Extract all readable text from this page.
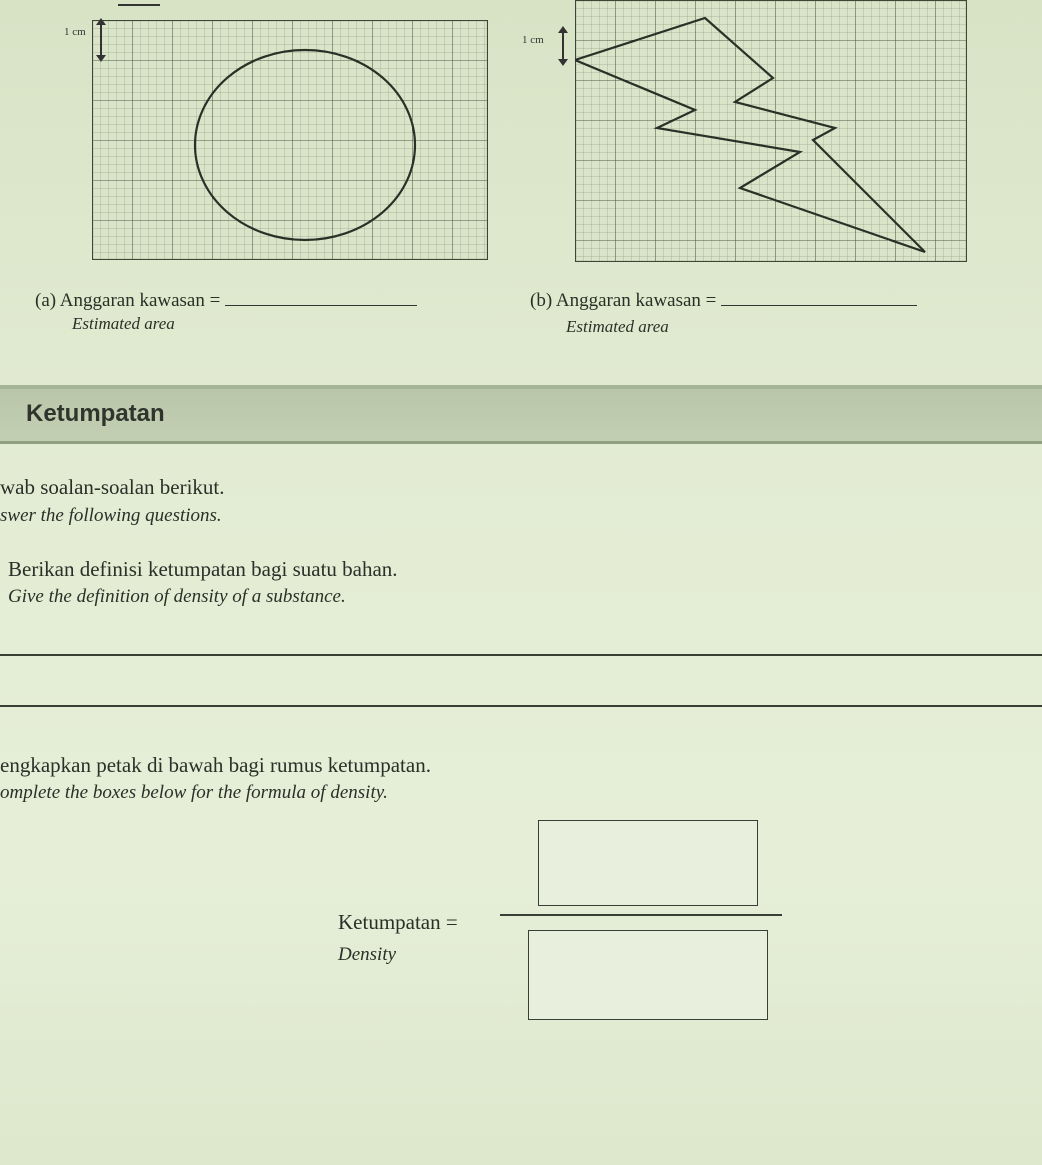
1 cm
1 cm
(a) Anggaran kawasan =
Estimated area
(b) Anggaran kawasan =
Estimated area
Ketumpatan
wab soalan-soalan berikut.
swer the following questions.
Berikan definisi ketumpatan bagi suatu bahan.
Give the definition of density of a substance.
engkapkan petak di bawah bagi rumus ketumpatan.
omplete the boxes below for the formula of density.
Ketumpatan =
Density
